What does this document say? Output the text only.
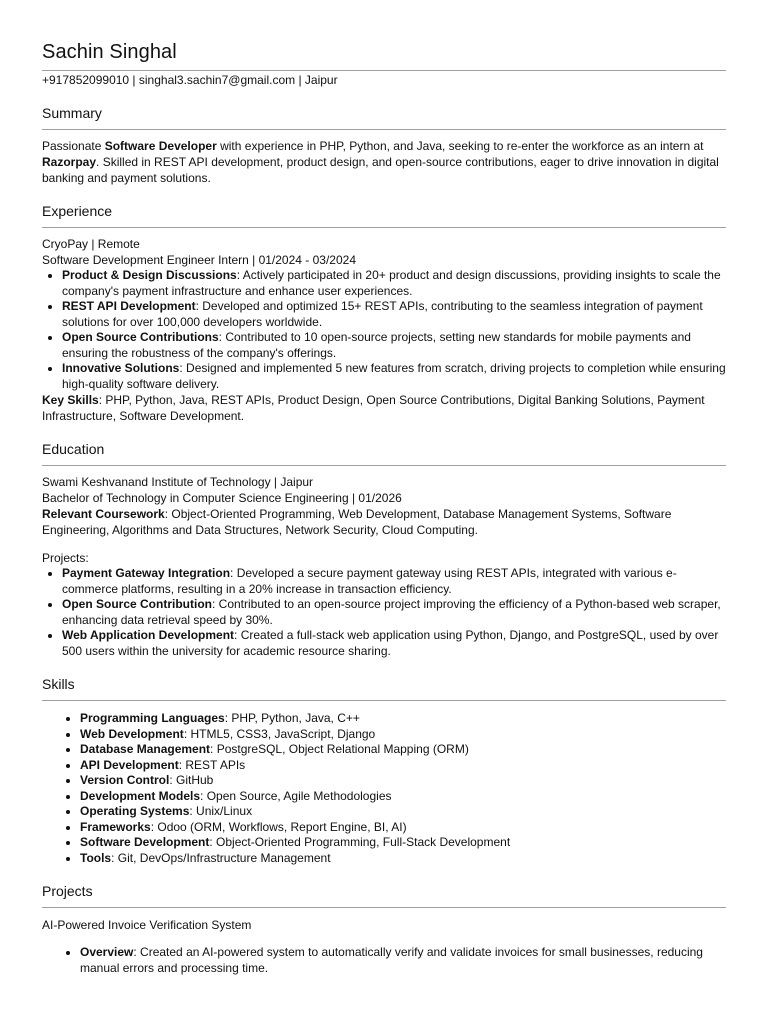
Sachin Singhal
+917852099010 | singhal3.sachin7@gmail.com | Jaipur
Summary

Passionate Software Developer with experience in PHP, Python, and Java, seeking to re-enter the workforce as an intern at Razorpay. Skilled in REST API development, product design, and open-source contributions, eager to drive innovation in digital banking and payment solutions.

Experience
CryoPay | Remote
Software Development Engineer Intern | 01/2024 - 03/2024
• Product & Design Discussions: Actively participated in 20+ product and design discussions, providing insights to scale the company's payment infrastructure and enhance user experiences.
• REST API Development: Developed and optimized 15+ REST APIs, contributing to the seamless integration of payment solutions for over 100,000 developers worldwide.
• Open Source Contributions: Contributed to 10 open-source projects, setting new standards for mobile payments and ensuring the robustness of the company's offerings.
• Innovative Solutions: Designed and implemented 5 new features from scratch, driving projects to completion while ensuring high-quality software delivery.

Key Skills: PHP, Python, Java, REST APIs, Product Design, Open Source Contributions, Digital Banking Solutions, Payment Infrastructure, Software Development.

Education
Swami Keshvanand Institute of Technology | Jaipur
Bachelor of Technology in Computer Science Engineering | 01/2026

Relevant Coursework: Object-Oriented Programming, Web Development, Database Management Systems, Software Engineering, Algorithms and Data Structures, Network Security, Cloud Computing.

Projects:
• Payment Gateway Integration: Developed a secure payment gateway using REST APIs, integrated with various e-commerce platforms, resulting in a 20% increase in transaction efficiency.
• Open Source Contribution: Contributed to an open-source project improving the efficiency of a Python-based web scraper, enhancing data retrieval speed by 30%.
• Web Application Development: Created a full-stack web application using Python, Django, and PostgreSQL, used by over 500 users within the university for academic resource sharing.
Skills
• Programming Languages: PHP, Python, Java, C++
• Web Development: HTML5, CSS3, JavaScript, Django
• Database Management: PostgreSQL, Object Relational Mapping (ORM)
• API Development: REST APIs
• Version Control: GitHub
• Development Models: Open Source, Agile Methodologies
• Operating Systems: Unix/Linux
• Frameworks: Odoo (ORM, Workflows, Report Engine, BI, AI)
• Software Development: Object-Oriented Programming, Full-Stack Development
• Tools: Git, DevOps/Infrastructure Management
Projects
AI-Powered Invoice Verification System
• Overview: Created an AI-powered system to automatically verify and validate invoices for small businesses, reducing manual errors and processing time.
